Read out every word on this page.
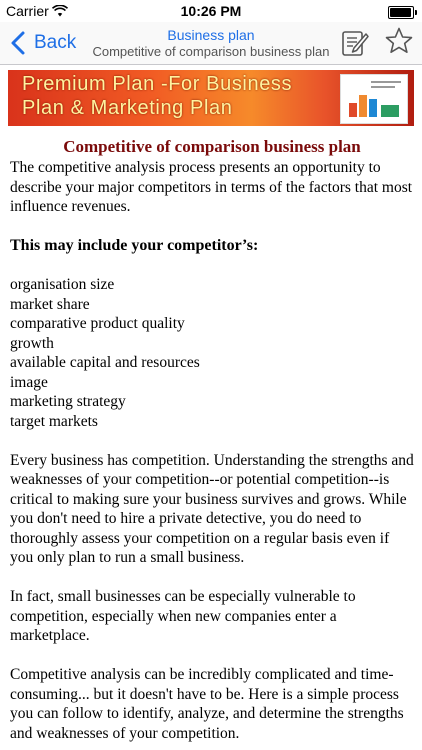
Carrier	10:26 PM
Back	Business plan
Competitive of comparison business plan
Premium Plan -For Business Plan & Marketing Plan
Competitive of comparison business plan

The competitive analysis process presents an opportunity to describe your major competitors in terms of the factors that most influence revenues.

This may include your competitor’s:
organisation size
market share
comparative product quality
growth
available capital and resources
image
marketing strategy
target markets

Every business has competition. Understanding the strengths and weaknesses of your competition--or potential competition--is critical to making sure your business survives and grows. While you don't need to hire a private detective, you do need to thoroughly assess your competition on a regular basis even if you only plan to run a small business.

In fact, small businesses can be especially vulnerable to competition, especially when new companies enter a marketplace.

Competitive analysis can be incredibly complicated and time-consuming... but it doesn't have to be. Here is a simple process you can follow to identify, analyze, and determine the strengths and weaknesses of your competition.
